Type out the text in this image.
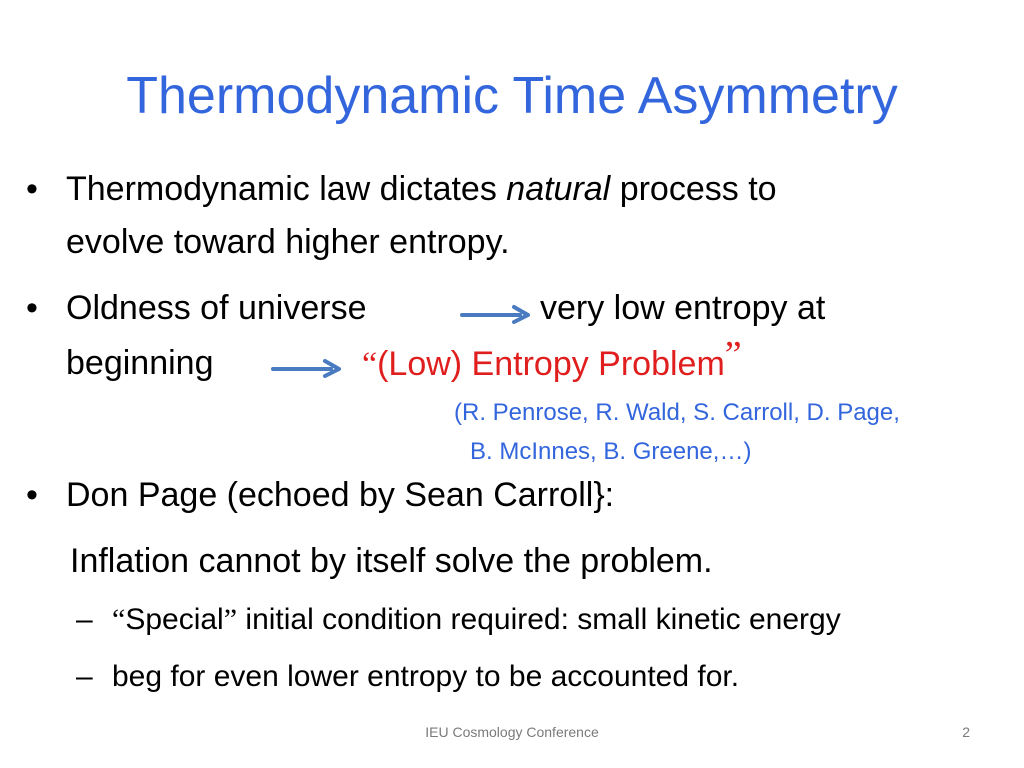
Thermodynamic Time Asymmetry
• Thermodynamic law dictates natural process to
evolve toward higher entropy.
• Oldness of universe	very low entropy at
beginning	“(Low) Entropy Problem”
(R. Penrose, R. Wald, S. Carroll, D. Page,
B. McInnes, B. Greene,…)
• Don Page (echoed by Sean Carroll}:
Inflation cannot by itself solve the problem.
– “Special” initial condition required: small kinetic energy
– beg for even lower entropy to be accounted for.
IEU Cosmology Conference	2
